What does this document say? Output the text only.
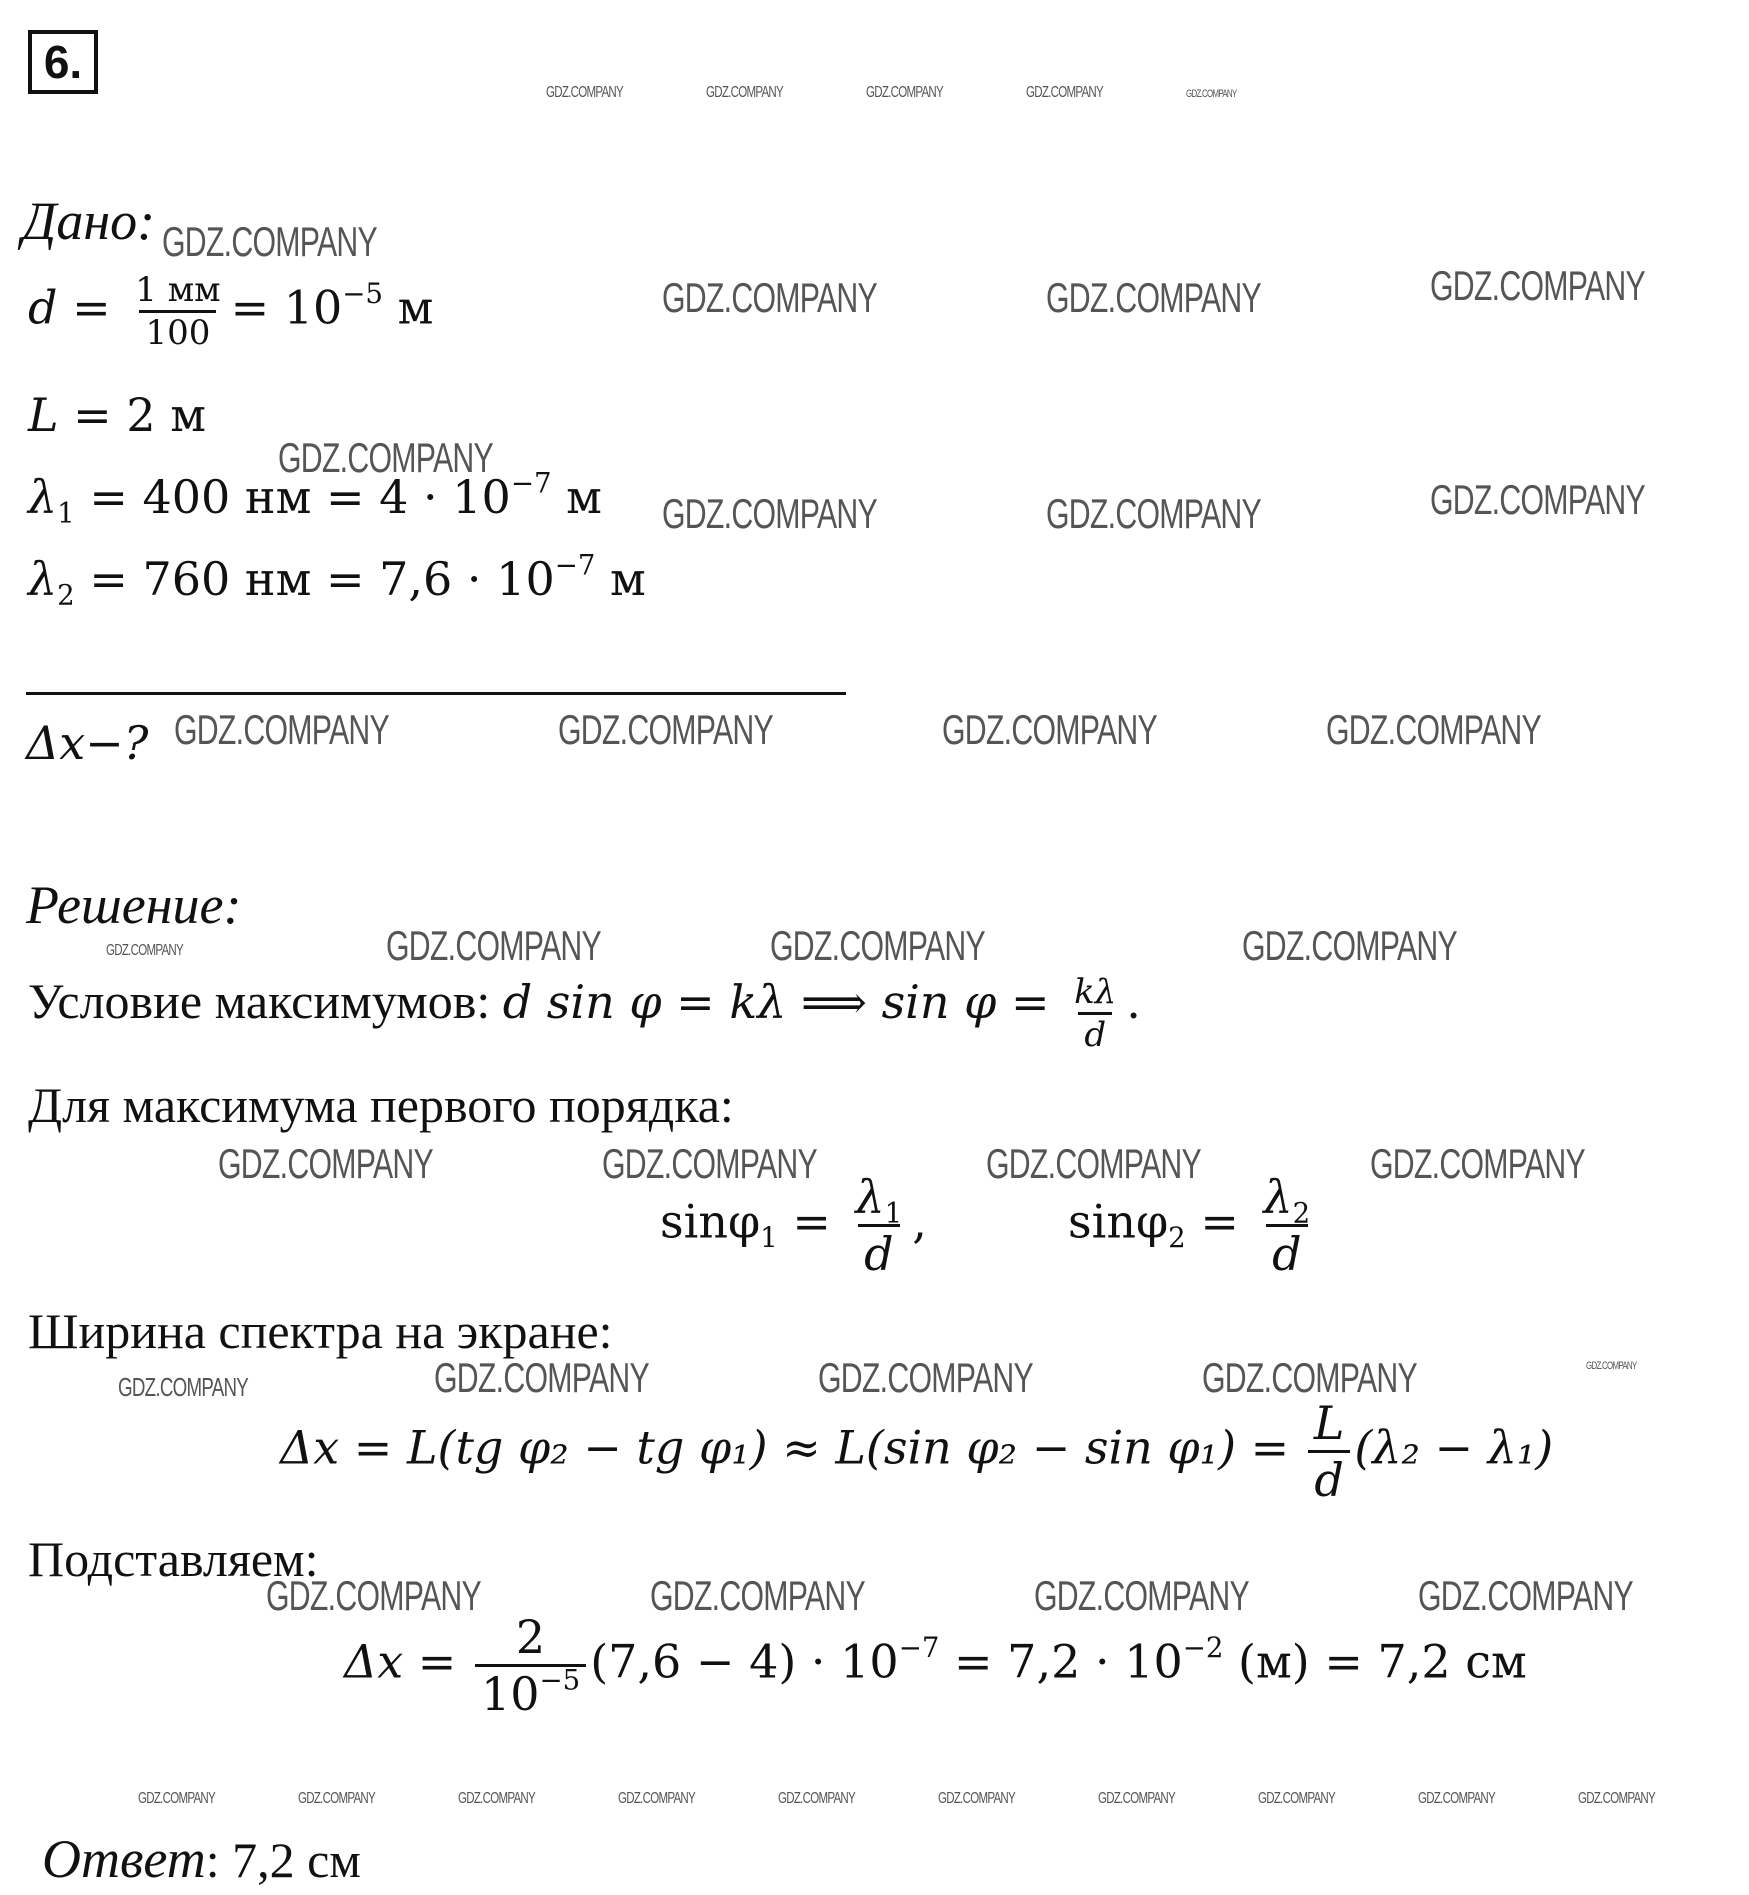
6.
GDZ.COMPANY	GDZ.COMPANY	GDZ.COMPANY	GDZ.COMPANY	GDZ.COMPANY
Дано:
$d = \frac{1 мм}{100} = 10^{-5}$ м
L = 2 м
$\lambda_1 = 400$ нм = $4 \cdot 10^{-7}$ м
$\lambda_2 = 760$ нм = $7,6 \cdot 10^{-7}$ м
Δx−?
GDZ.COMPANY
GDZ.COMPANY	GDZ.COMPANY	GDZ.COMPANY
GDZ.COMPANY
GDZ.COMPANY	GDZ.COMPANY	GDZ.COMPANY
GDZ.COMPANY	GDZ.COMPANY	GDZ.COMPANY	GDZ.COMPANY
Решение:
GDZ.COMPANY	GDZ.COMPANY	GDZ.COMPANY	GDZ.COMPANY
Условие максимумов: d sin φ = kλ ⟹ $\sin \varphi = \frac{k\lambda}{d}$ .
Для максимума первого порядка:
GDZ.COMPANY	GDZ.COMPANY	GDZ.COMPANY	GDZ.COMPANY
$\sin\varphi_1 = \frac{\lambda_1}{d}$ ,	$\sin\varphi_2 = \frac{\lambda_2}{d}$
Ширина спектра на экране:
GDZ.COMPANY	GDZ.COMPANY	GDZ.COMPANY	GDZ.COMPANY	GDZ.COMPANY
Δx = L(tg φ₂ − tg φ₁) ≈ L(sin $\varphi_2 - \sin \varphi_1) = \frac{L}{d} (\lambda_2 - \lambda_1)$
Подставляем:
GDZ.COMPANY	GDZ.COMPANY	GDZ.COMPANY	GDZ.COMPANY
$\Delta x = \frac{2}{10^{-5}} (7,6 - 4) \cdot 10^{-7} = 7,2 \cdot 10^{-2}$ (м) = 7,2 см
GDZ.COMPANY	GDZ.COMPANY	GDZ.COMPANY	GDZ.COMPANY	GDZ.COMPANY	GDZ.COMPANY	GDZ.COMPANY	GDZ.COMPANY	GDZ.COMPANY	GDZ.COMPANY
Ответ: 7,2 см
